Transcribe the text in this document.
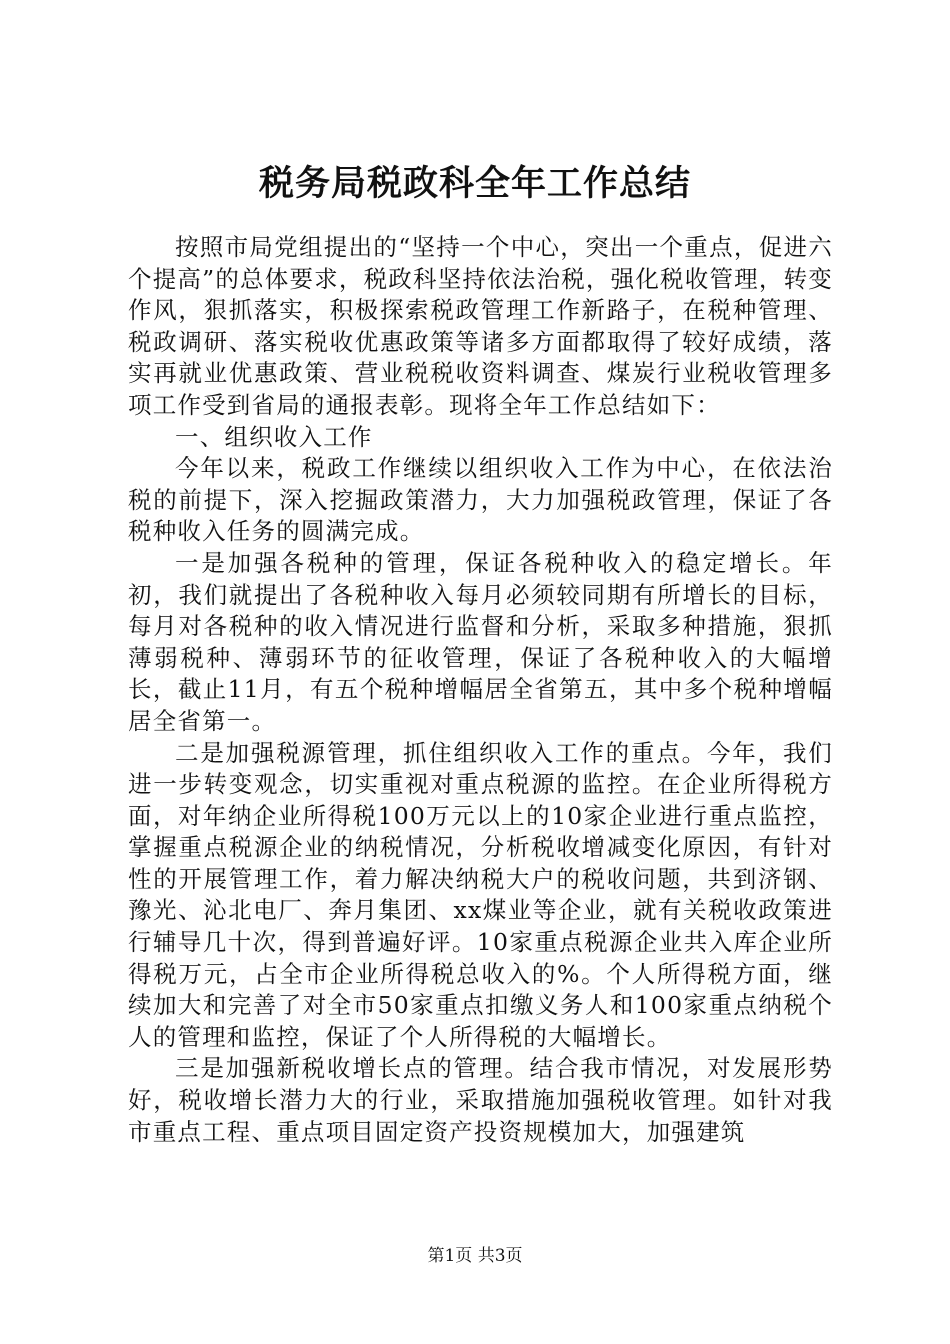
税务局税政科全年工作总结

按照市局党组提出的“坚持一个中心，突出一个重点，促进六个提高”的总体要求，税政科坚持依法治税，强化税收管理，转变作风，狠抓落实，积极探索税政管理工作新路子，在税种管理、税政调研、落实税收优惠政策等诸多方面都取得了较好成绩，落实再就业优惠政策、营业税税收资料调查、煤炭行业税收管理多项工作受到省局的通报表彰。现将全年工作总结如下：

一、组织收入工作

今年以来，税政工作继续以组织收入工作为中心，在依法治税的前提下，深入挖掘政策潜力，大力加强税政管理，保证了各税种收入任务的圆满完成。

一是加强各税种的管理，保证各税种收入的稳定增长。年初，我们就提出了各税种收入每月必须较同期有所增长的目标，每月对各税种的收入情况进行监督和分析，采取多种措施，狠抓薄弱税种、薄弱环节的征收管理，保证了各税种收入的大幅增长，截止11月，有五个税种增幅居全省第五，其中多个税种增幅居全省第一。

二是加强税源管理，抓住组织收入工作的重点。今年，我们进一步转变观念，切实重视对重点税源的监控。在企业所得税方面，对年纳企业所得税100万元以上的10家企业进行重点监控，掌握重点税源企业的纳税情况，分析税收增减变化原因，有针对性的开展管理工作，着力解决纳税大户的税收问题，共到济钢、豫光、沁北电厂、奔月集团、xx煤业等企业，就有关税收政策进行辅导几十次，得到普遍好评。10家重点税源企业共入库企业所得税万元，占全市企业所得税总收入的%。个人所得税方面，继续加大和完善了对全市50家重点扣缴义务人和100家重点纳税个人的管理和监控，保证了个人所得税的大幅增长。

三是加强新税收增长点的管理。结合我市情况，对发展形势好，税收增长潜力大的行业，采取措施加强税收管理。如针对我市重点工程、重点项目固定资产投资规模加大，加强建筑

第1页 共3页
